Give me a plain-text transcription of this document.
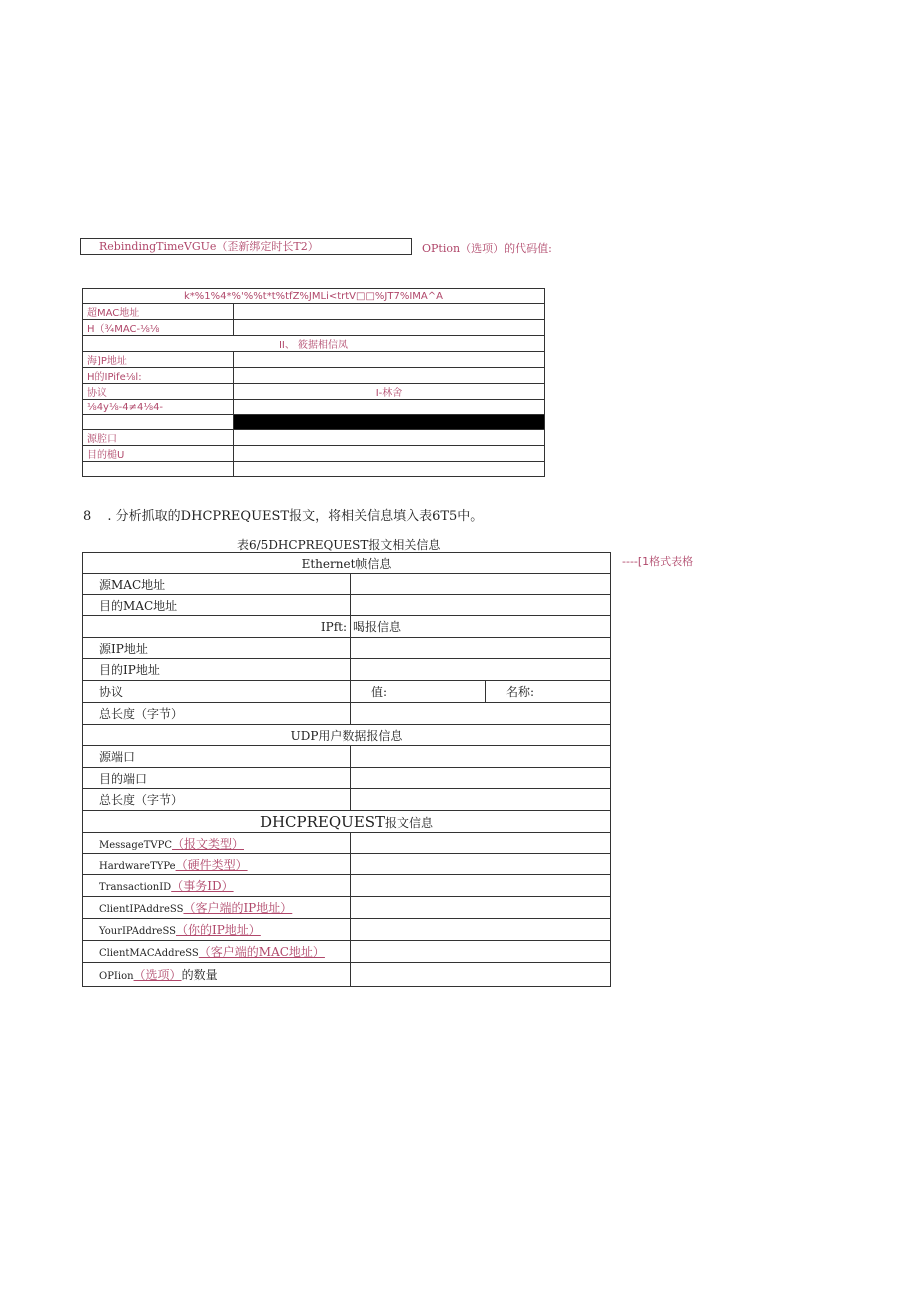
RebindingTimeVGUe（歪新绑定时长T2）	OPtion（选项）的代码值:
k*%1%4*%'%%t*t%tfZ%JMLi<trtV□□%JT7%IMA^A	
超MAC地址	
H（¾MAC-⅛⅛	
II、 筱据相信凤	
海]P地址	
H的IPife⅛l:	
协议	I-林舍
⅛4y⅛-4≠4⅛4-	

源腔口	
目的槌U	

8 . 分析抓取的DHCPREQUEST报文，将相关信息填入表6T5中。
表6/5DHCPREQUEST报文相关信息
----[1格式表格
Ethernet帧信息		
源MAC地址		
目的MAC地址		
IPft:	喝报信息	
源IP地址		
目的IP地址		
协议	值:	名称:
总长度（字节）		
UDP用户数据报信息		
源端口		
目的端口		
总长度（字节）		
DHCPREQUEST报文信息		
MessageTVPC（报文类型）		
HardwareTYPe（硬件类型）		
TransactionID（事务ID）		
ClientIPAddreSS（客户端的IP地址）		
YourIPAddreSS（你的IP地址）		
ClientMACAddreSS（客户端的MAC地址）		
OPIion（选项）的数量		
